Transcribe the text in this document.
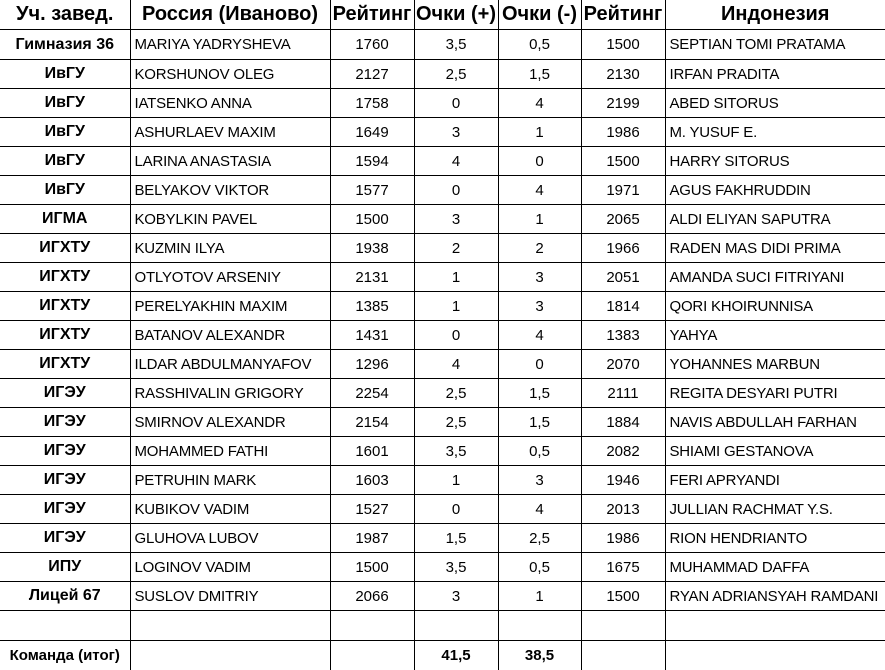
Уч. завед.	Россия (Иваново)	Рейтинг	Очки (+)	Очки (-)	Рейтинг	Индонезия
Гимназия 36	MARIYA YADRYSHEVA	1760	3,5	0,5	1500	SEPTIAN TOMI PRATAMA
ИвГУ	KORSHUNOV OLEG	2127	2,5	1,5	2130	IRFAN PRADITA
ИвГУ	IATSENKO ANNA	1758	0	4	2199	ABED SITORUS
ИвГУ	ASHURLAEV MAXIM	1649	3	1	1986	M. YUSUF E.
ИвГУ	LARINA ANASTASIA	1594	4	0	1500	HARRY SITORUS
ИвГУ	BELYAKOV VIKTOR	1577	0	4	1971	AGUS FAKHRUDDIN
ИГМА	KOBYLKIN PAVEL	1500	3	1	2065	ALDI ELIYAN SAPUTRA
ИГХТУ	KUZMIN ILYA	1938	2	2	1966	RADEN MAS DIDI PRIMA
ИГХТУ	OTLYOTOV ARSENIY	2131	1	3	2051	AMANDA SUCI FITRIYANI
ИГХТУ	PERELYAKHIN MAXIM	1385	1	3	1814	QORI KHOIRUNNISA
ИГХТУ	BATANOV ALEXANDR	1431	0	4	1383	YAHYA
ИГХТУ	ILDAR ABDULMANYAFOV	1296	4	0	2070	YOHANNES MARBUN
ИГЭУ	RASSHIVALIN GRIGORY	2254	2,5	1,5	2111	REGITA DESYARI PUTRI
ИГЭУ	SMIRNOV ALEXANDR	2154	2,5	1,5	1884	NAVIS ABDULLAH FARHAN
ИГЭУ	MOHAMMED FATHI	1601	3,5	0,5	2082	SHIAMI GESTANOVA
ИГЭУ	PETRUHIN MARK	1603	1	3	1946	FERI APRYANDI
ИГЭУ	KUBIKOV VADIM	1527	0	4	2013	JULLIAN RACHMAT Y.S.
ИГЭУ	GLUHOVA LUBOV	1987	1,5	2,5	1986	RION HENDRIANTO
ИПУ	LOGINOV VADIM	1500	3,5	0,5	1675	MUHAMMAD DAFFA
Лицей 67	SUSLOV DMITRIY	2066	3	1	1500	RYAN ADRIANSYAH RAMDANI

Команда (итог)			41,5	38,5		
